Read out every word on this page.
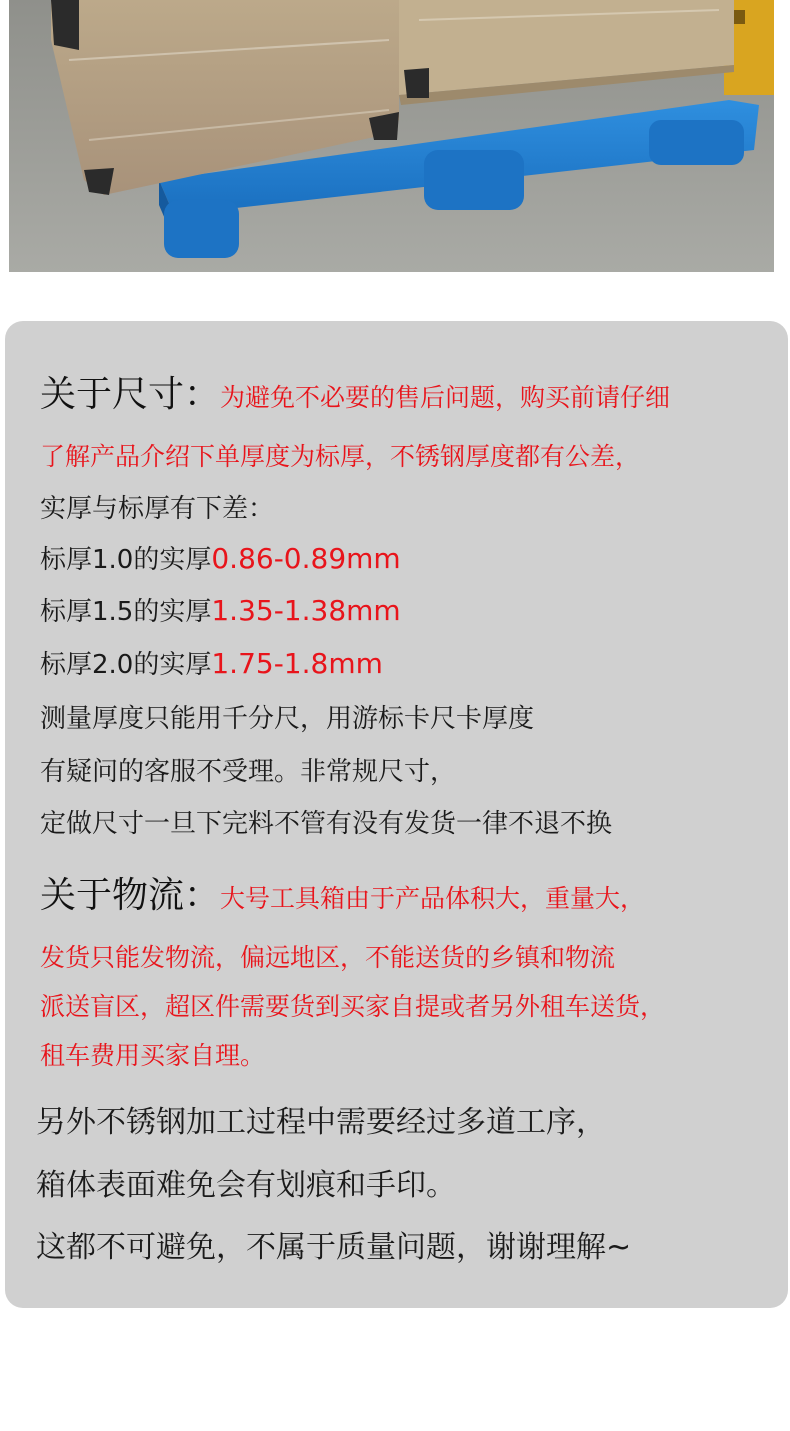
关于尺寸：为避免不必要的售后问题，购买前请仔细
了解产品介绍下单厚度为标厚，不锈钢厚度都有公差，
实厚与标厚有下差：
标厚1.0的实厚0.86-0.89mm
标厚1.5的实厚1.35-1.38mm
标厚2.0的实厚1.75-1.8mm
测量厚度只能用千分尺，用游标卡尺卡厚度
有疑问的客服不受理。非常规尺寸，
定做尺寸一旦下完料不管有没有发货一律不退不换
关于物流：大号工具箱由于产品体积大，重量大，
发货只能发物流，偏远地区，不能送货的乡镇和物流
派送盲区，超区件需要货到买家自提或者另外租车送货，
租车费用买家自理。
另外不锈钢加工过程中需要经过多道工序，
箱体表面难免会有划痕和手印。
这都不可避免，不属于质量问题，谢谢理解~
